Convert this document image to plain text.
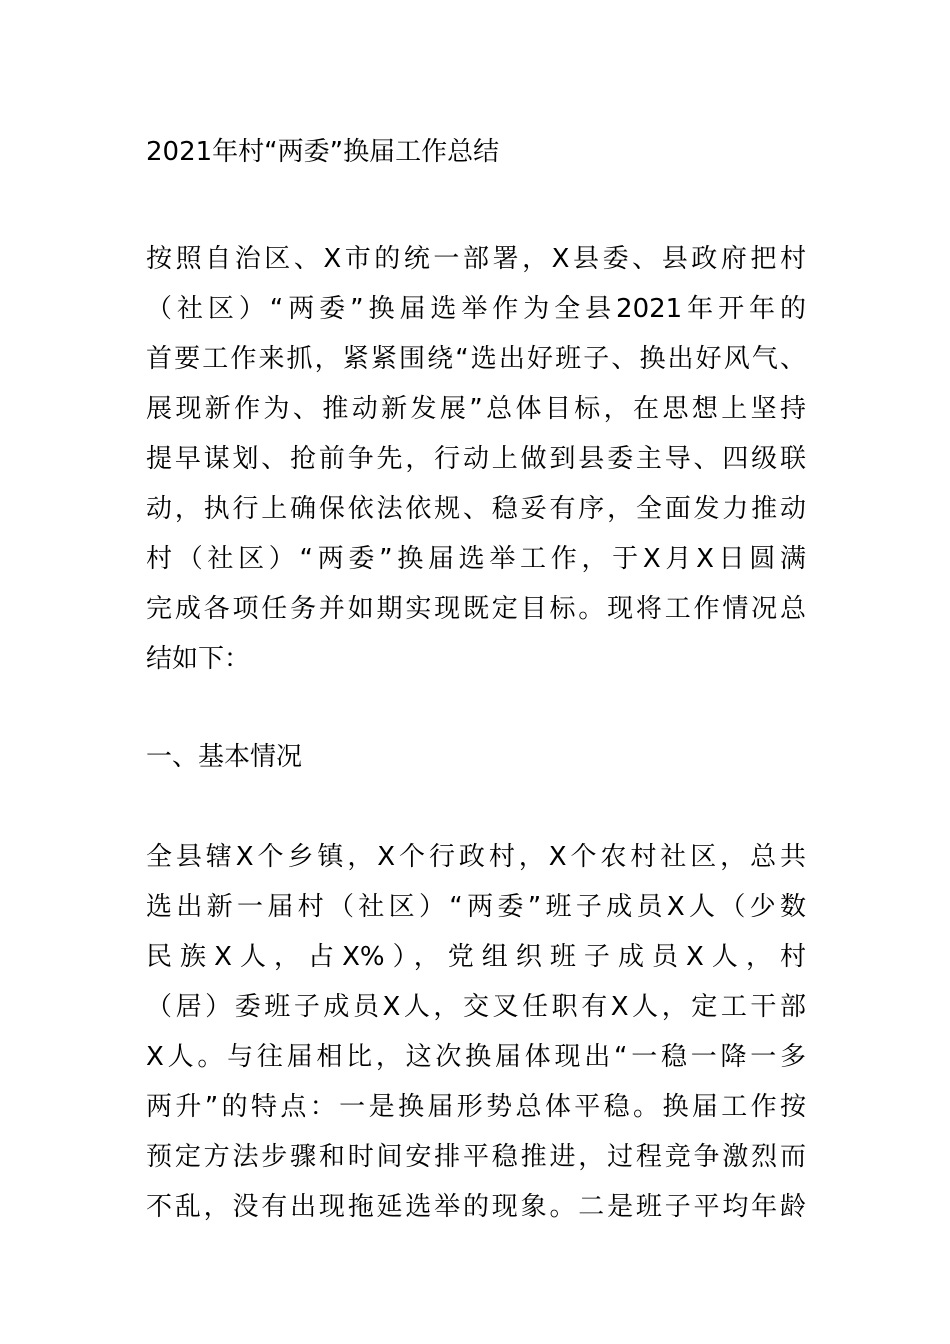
2021年村“两委”换届工作总结
按照自治区、X市的统一部署，X县委、县政府把村
（社区）“两委”换届选举作为全县2021年开年的
首要工作来抓，紧紧围绕“选出好班子、换出好风气、
展现新作为、推动新发展”总体目标，在思想上坚持
提早谋划、抢前争先，行动上做到县委主导、四级联
动，执行上确保依法依规、稳妥有序，全面发力推动
村（社区）“两委”换届选举工作，于X月X日圆满
完成各项任务并如期实现既定目标。现将工作情况总
结如下：
一、基本情况
全县辖X个乡镇，X个行政村，X个农村社区，总共
选出新一届村（社区）“两委”班子成员X人（少数
民族X人，占X%），党组织班子成员X人，村
（居）委班子成员X人，交叉任职有X人，定工干部
X人。与往届相比，这次换届体现出“一稳一降一多
两升”的特点：一是换届形势总体平稳。换届工作按
预定方法步骤和时间安排平稳推进，过程竞争激烈而
不乱，没有出现拖延选举的现象。二是班子平均年龄
